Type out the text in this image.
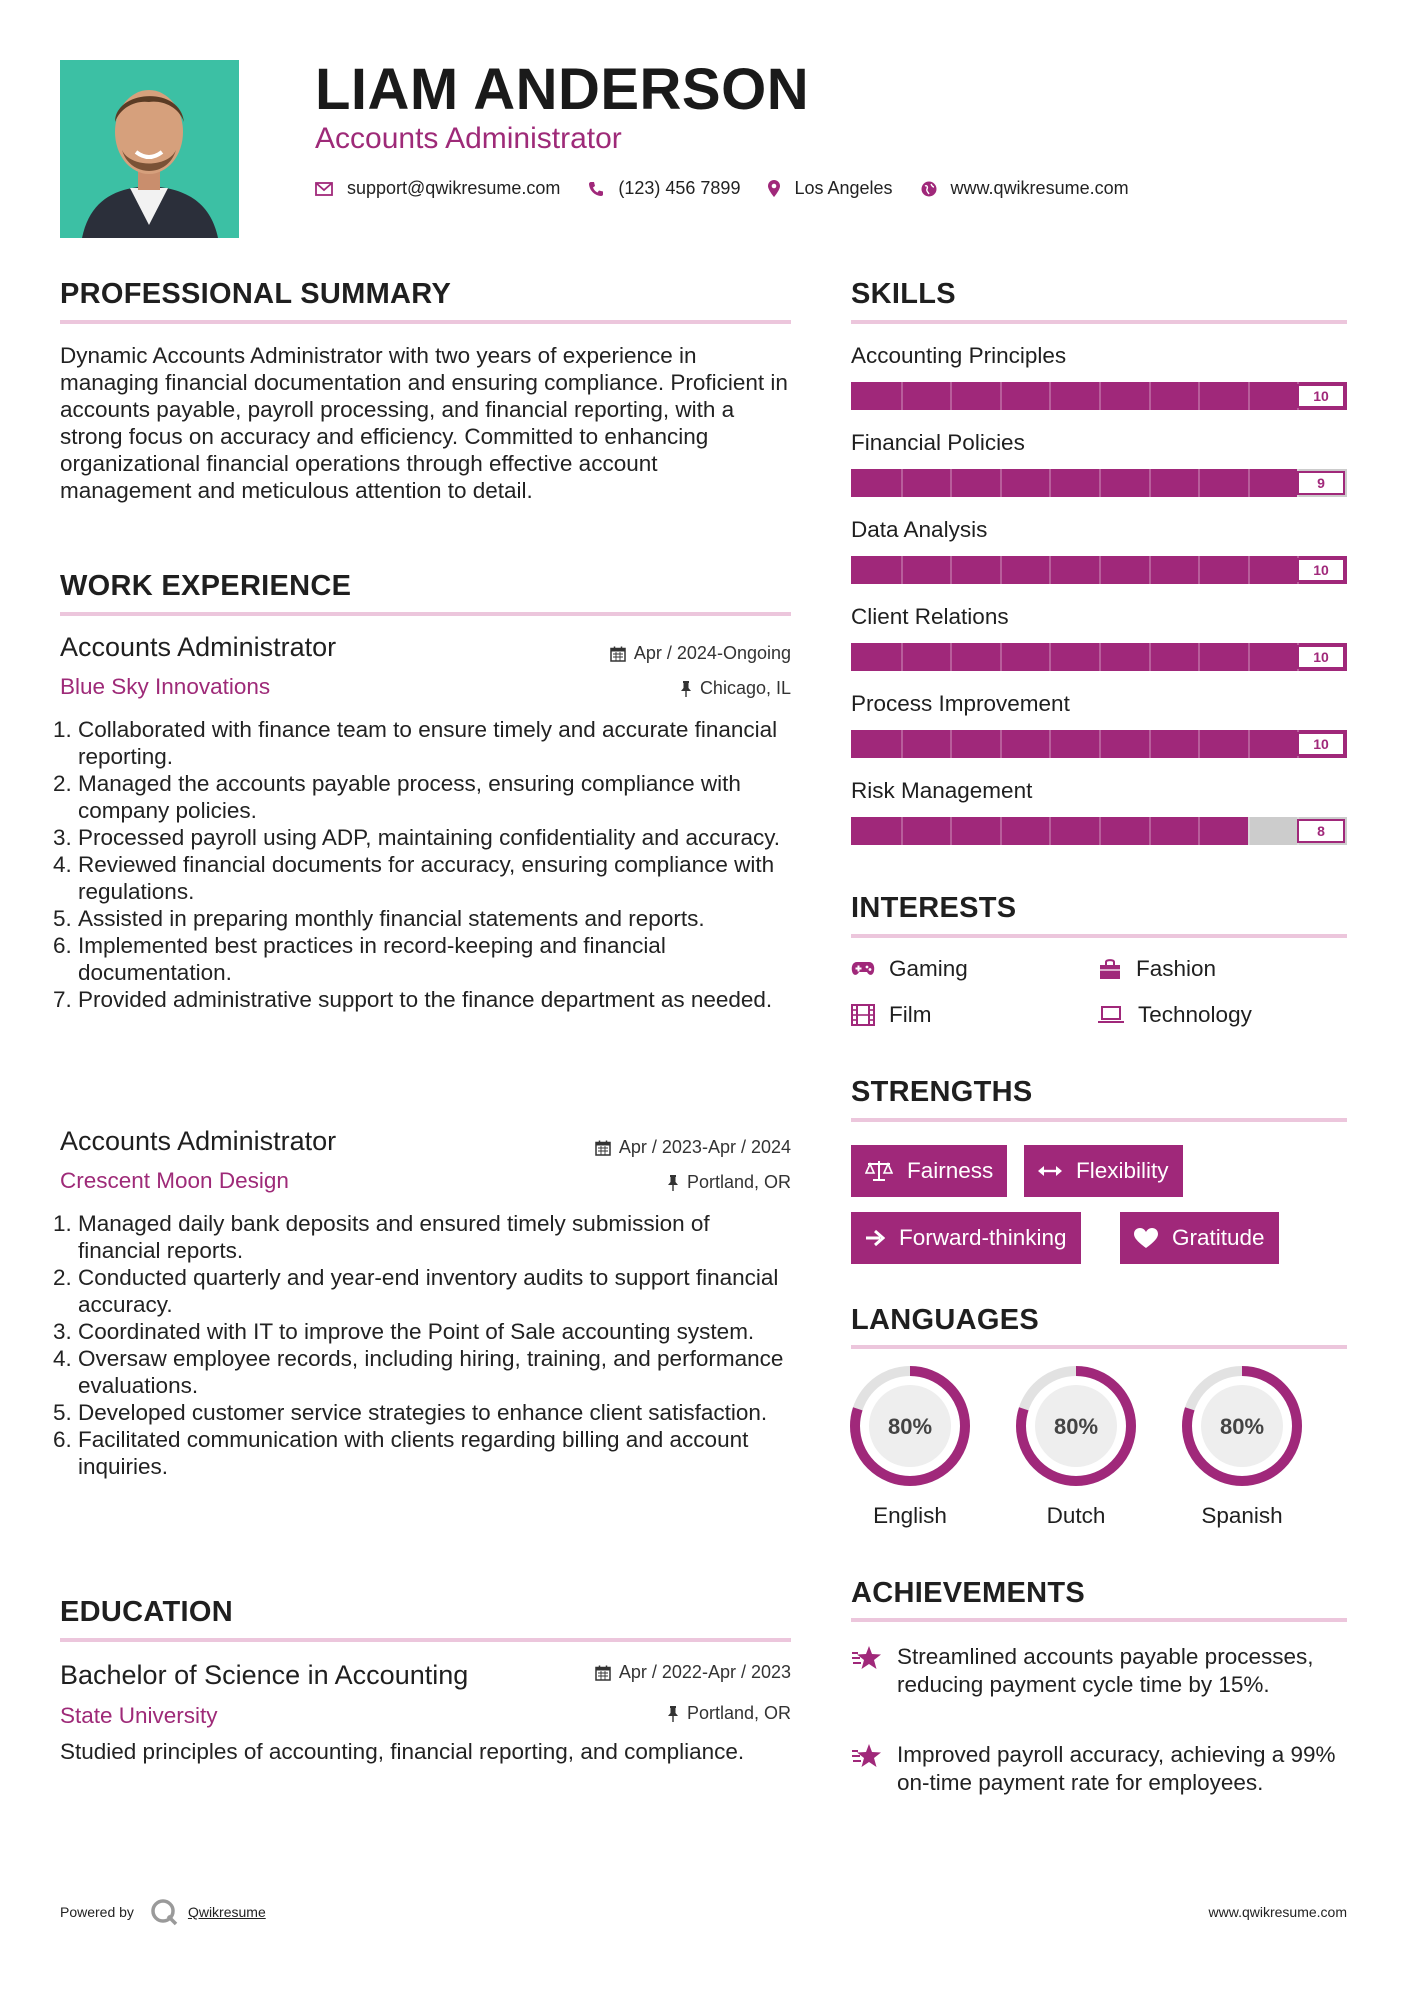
LIAM ANDERSON
Accounts Administrator
support@qwikresume.com	(123) 456 7899	Los Angeles	www.qwikresume.com
PROFESSIONAL SUMMARY
Dynamic Accounts Administrator with two years of experience in managing financial documentation and ensuring compliance. Proficient in accounts payable, payroll processing, and financial reporting, with a strong focus on accuracy and efficiency. Committed to enhancing organizational financial operations through effective account management and meticulous attention to detail.
WORK EXPERIENCE
Accounts Administrator	Apr / 2024-Ongoing
Blue Sky Innovations	Chicago, IL
1. Collaborated with finance team to ensure timely and accurate financial reporting.
2. Managed the accounts payable process, ensuring compliance with company policies.
3. Processed payroll using ADP, maintaining confidentiality and accuracy.
4. Reviewed financial documents for accuracy, ensuring compliance with regulations.
5. Assisted in preparing monthly financial statements and reports.
6. Implemented best practices in record-keeping and financial documentation.
7. Provided administrative support to the finance department as needed.
Accounts Administrator	Apr / 2023-Apr / 2024
Crescent Moon Design	Portland, OR
1. Managed daily bank deposits and ensured timely submission of financial reports.
2. Conducted quarterly and year-end inventory audits to support financial accuracy.
3. Coordinated with IT to improve the Point of Sale accounting system.
4. Oversaw employee records, including hiring, training, and performance evaluations.
5. Developed customer service strategies to enhance client satisfaction.
6. Facilitated communication with clients regarding billing and account inquiries.
EDUCATION
Bachelor of Science in Accounting	Apr / 2022-Apr / 2023
State University	Portland, OR
Studied principles of accounting, financial reporting, and compliance.
SKILLS
Accounting Principles
10
Financial Policies
9
Data Analysis
10
Client Relations
10
Process Improvement
10
Risk Management
8
INTERESTS
Gaming	Fashion
Film	Technology
STRENGTHS
Fairness	Flexibility
Forward-thinking	Gratitude
LANGUAGES
80%
English
80%
Dutch
80%
Spanish
ACHIEVEMENTS
Streamlined accounts payable processes, reducing payment cycle time by 15%.
Improved payroll accuracy, achieving a 99% on-time payment rate for employees.
Powered by	Qwikresume	www.qwikresume.com
